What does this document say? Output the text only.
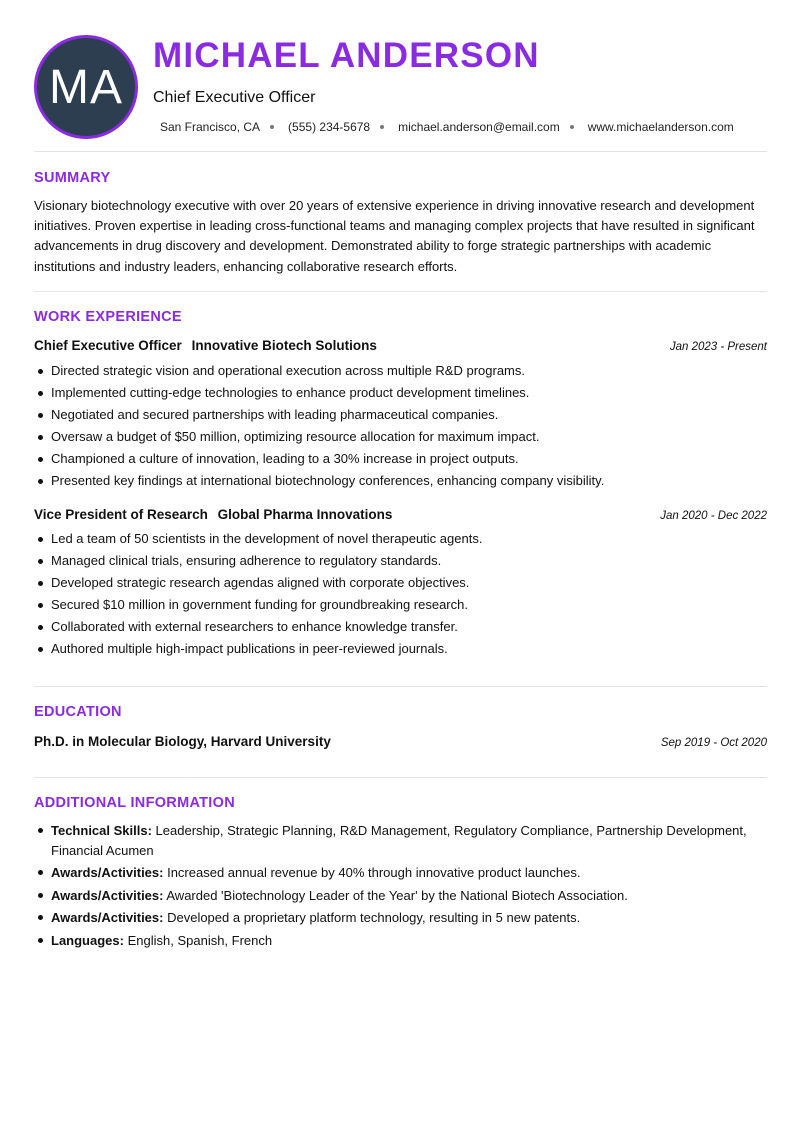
MA
MICHAEL ANDERSON
Chief Executive Officer
San Francisco, CA (555) 234-5678 michael.anderson@email.com www.michaelanderson.com
SUMMARY
Visionary biotechnology executive with over 20 years of extensive experience in driving innovative research and development initiatives. Proven expertise in leading cross-functional teams and managing complex projects that have resulted in significant advancements in drug discovery and development. Demonstrated ability to forge strategic partnerships with academic institutions and industry leaders, enhancing collaborative research efforts.
WORK EXPERIENCE
Chief Executive Officer Innovative Biotech Solutions	Jan 2023 - Present
Directed strategic vision and operational execution across multiple R&D programs.
Implemented cutting-edge technologies to enhance product development timelines.
Negotiated and secured partnerships with leading pharmaceutical companies.
Oversaw a budget of $50 million, optimizing resource allocation for maximum impact.
Championed a culture of innovation, leading to a 30% increase in project outputs.
Presented key findings at international biotechnology conferences, enhancing company visibility.
Vice President of Research Global Pharma Innovations	Jan 2020 - Dec 2022
Led a team of 50 scientists in the development of novel therapeutic agents.
Managed clinical trials, ensuring adherence to regulatory standards.
Developed strategic research agendas aligned with corporate objectives.
Secured $10 million in government funding for groundbreaking research.
Collaborated with external researchers to enhance knowledge transfer.
Authored multiple high-impact publications in peer-reviewed journals.
EDUCATION
Ph.D. in Molecular Biology, Harvard University	Sep 2019 - Oct 2020
ADDITIONAL INFORMATION
Technical Skills: Leadership, Strategic Planning, R&D Management, Regulatory Compliance, Partnership Development, Financial Acumen
Awards/Activities: Increased annual revenue by 40% through innovative product launches.
Awards/Activities: Awarded 'Biotechnology Leader of the Year' by the National Biotech Association.
Awards/Activities: Developed a proprietary platform technology, resulting in 5 new patents.
Languages: English, Spanish, French
